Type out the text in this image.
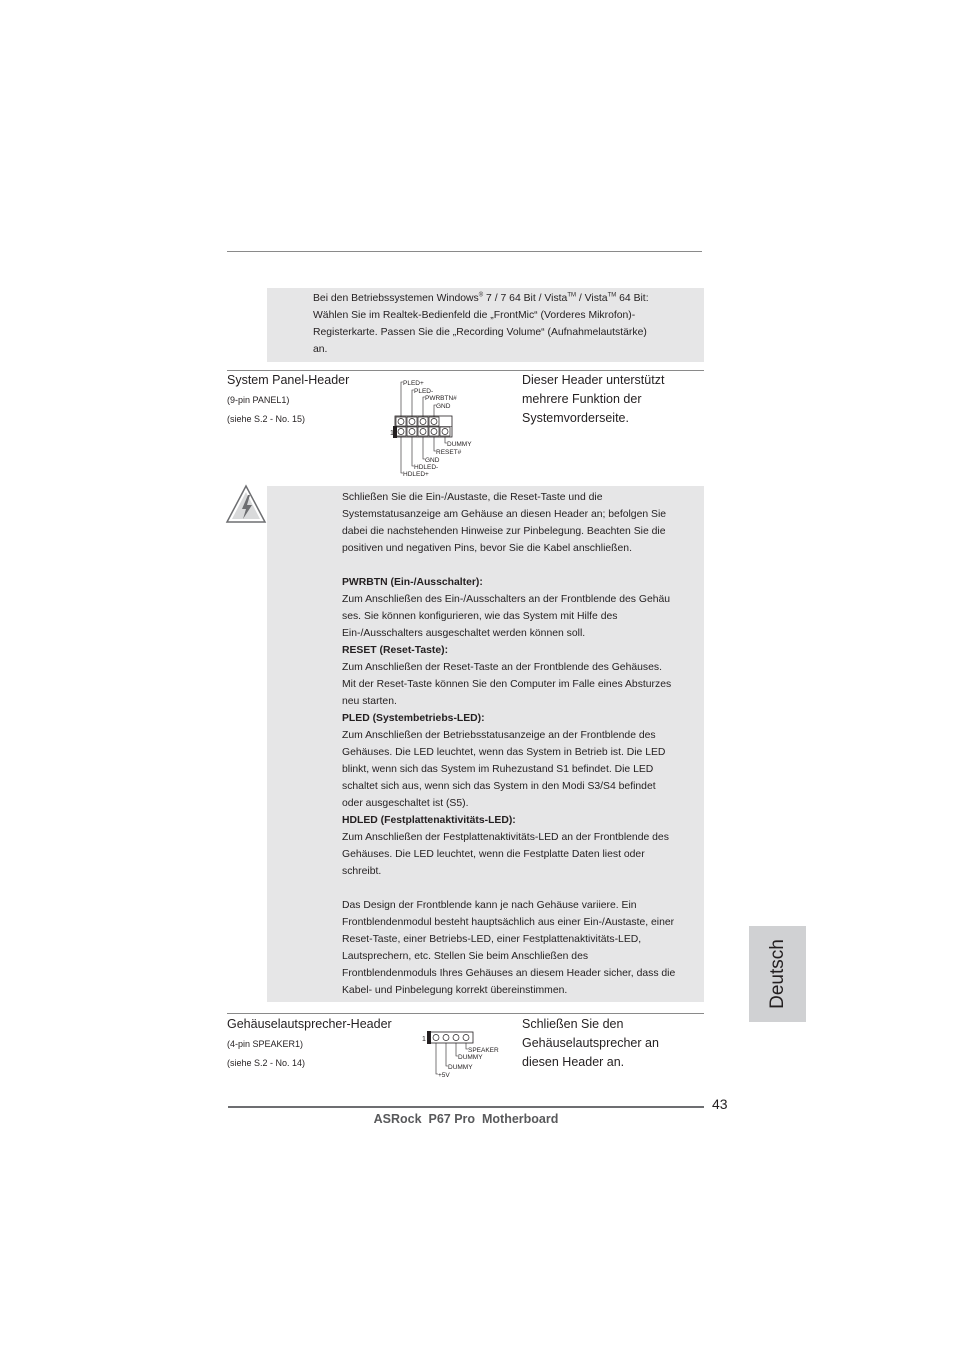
Bei den Betriebssystemen Windows® 7 / 7 64 Bit / Vista™ / Vista™ 64 Bit:
Wählen Sie im Realtek-Bedienfeld die „FrontMic“ (Vorderes Mikrofon)-
Registerkarte. Passen Sie die „Recording Volume“ (Aufnahmelautstärke)
an.
System Panel-Header
(9-pin PANEL1)
(siehe S.2 - No. 15)
PLED+
PLED-
PWRBTN#
GND
1
DUMMY
RESET#
GND
HDLED-
HDLED+
Dieser Header unterstützt
mehrere Funktion der
Systemvorderseite.
Schließen Sie die Ein-/Austaste, die Reset-Taste und die
Systemstatusanzeige am Gehäuse an diesen Header an; befolgen Sie
dabei die nachstehenden Hinweise zur Pinbelegung. Beachten Sie die
positiven und negativen Pins, bevor Sie die Kabel anschließen.

PWRBTN (Ein-/Ausschalter):
Zum Anschließen des Ein-/Ausschalters an der Frontblende des Gehäu
ses. Sie können konfigurieren, wie das System mit Hilfe des
Ein-/Ausschalters ausgeschaltet werden können soll.
RESET (Reset-Taste):
Zum Anschließen der Reset-Taste an der Frontblende des Gehäuses.
Mit der Reset-Taste können Sie den Computer im Falle eines Absturzes
neu starten.
PLED (Systembetriebs-LED):
Zum Anschließen der Betriebsstatusanzeige an der Frontblende des
Gehäuses. Die LED leuchtet, wenn das System in Betrieb ist. Die LED
blinkt, wenn sich das System im Ruhezustand S1 befindet. Die LED
schaltet sich aus, wenn sich das System in den Modi S3/S4 befindet
oder ausgeschaltet ist (S5).
HDLED (Festplattenaktivitäts-LED):
Zum Anschließen der Festplattenaktivitäts-LED an der Frontblende des
Gehäuses. Die LED leuchtet, wenn die Festplatte Daten liest oder
schreibt.

Das Design der Frontblende kann je nach Gehäuse variiere. Ein
Frontblendenmodul besteht hauptsächlich aus einer Ein-/Austaste, einer
Reset-Taste, einer Betriebs-LED, einer Festplattenaktivitäts-LED,
Lautsprechern, etc. Stellen Sie beim Anschließen des
Frontblendenmoduls Ihres Gehäuses an diesem Header sicher, dass die
Kabel- und Pinbelegung korrekt übereinstimmen.	Deutsch
Gehäuselautsprecher-Header
(4-pin SPEAKER1)
(siehe S.2 - No. 14)
1
SPEAKER
DUMMY
DUMMY
+5V
Schließen Sie den
Gehäuselautsprecher an
diesen Header an.
43
ASRock  P67 Pro  Motherboard
